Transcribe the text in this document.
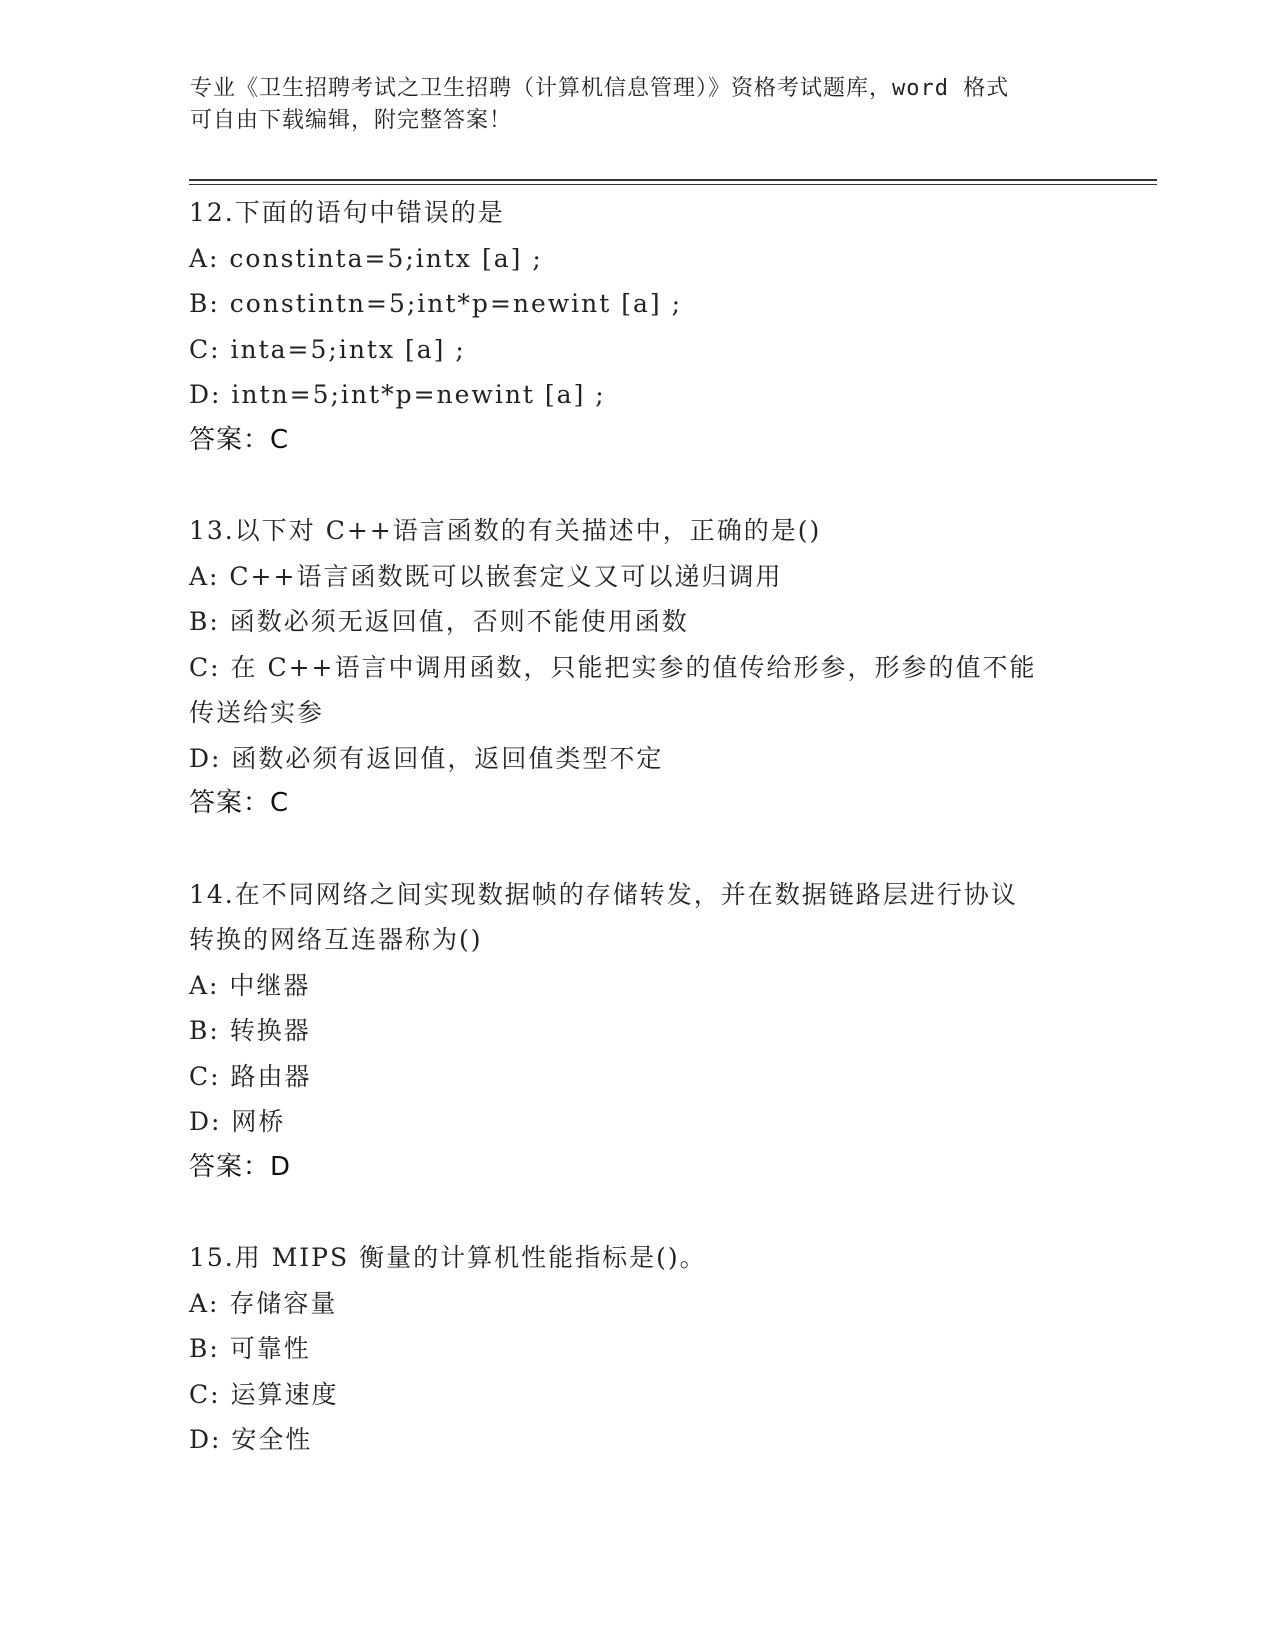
专业《卫生招聘考试之卫生招聘（计算机信息管理）》资格考试题库，word 格式
可自由下载编辑，附完整答案！
12.下面的语句中错误的是
A: constinta=5;intx [a] ;
B: constintn=5;int*p=newint [a] ;
C: inta=5;intx [a] ;
D: intn=5;int*p=newint [a] ;
答案：C
13.以下对 C++语言函数的有关描述中，正确的是()
A: C++语言函数既可以嵌套定义又可以递归调用
B: 函数必须无返回值，否则不能使用函数
C: 在 C++语言中调用函数，只能把实参的值传给形参，形参的值不能
传送给实参
D: 函数必须有返回值，返回值类型不定
答案：C
14.在不同网络之间实现数据帧的存储转发，并在数据链路层进行协议
转换的网络互连器称为()
A: 中继器
B: 转换器
C: 路由器
D: 网桥
答案：D
15.用 MIPS 衡量的计算机性能指标是()。
A: 存储容量
B: 可靠性
C: 运算速度
D: 安全性
